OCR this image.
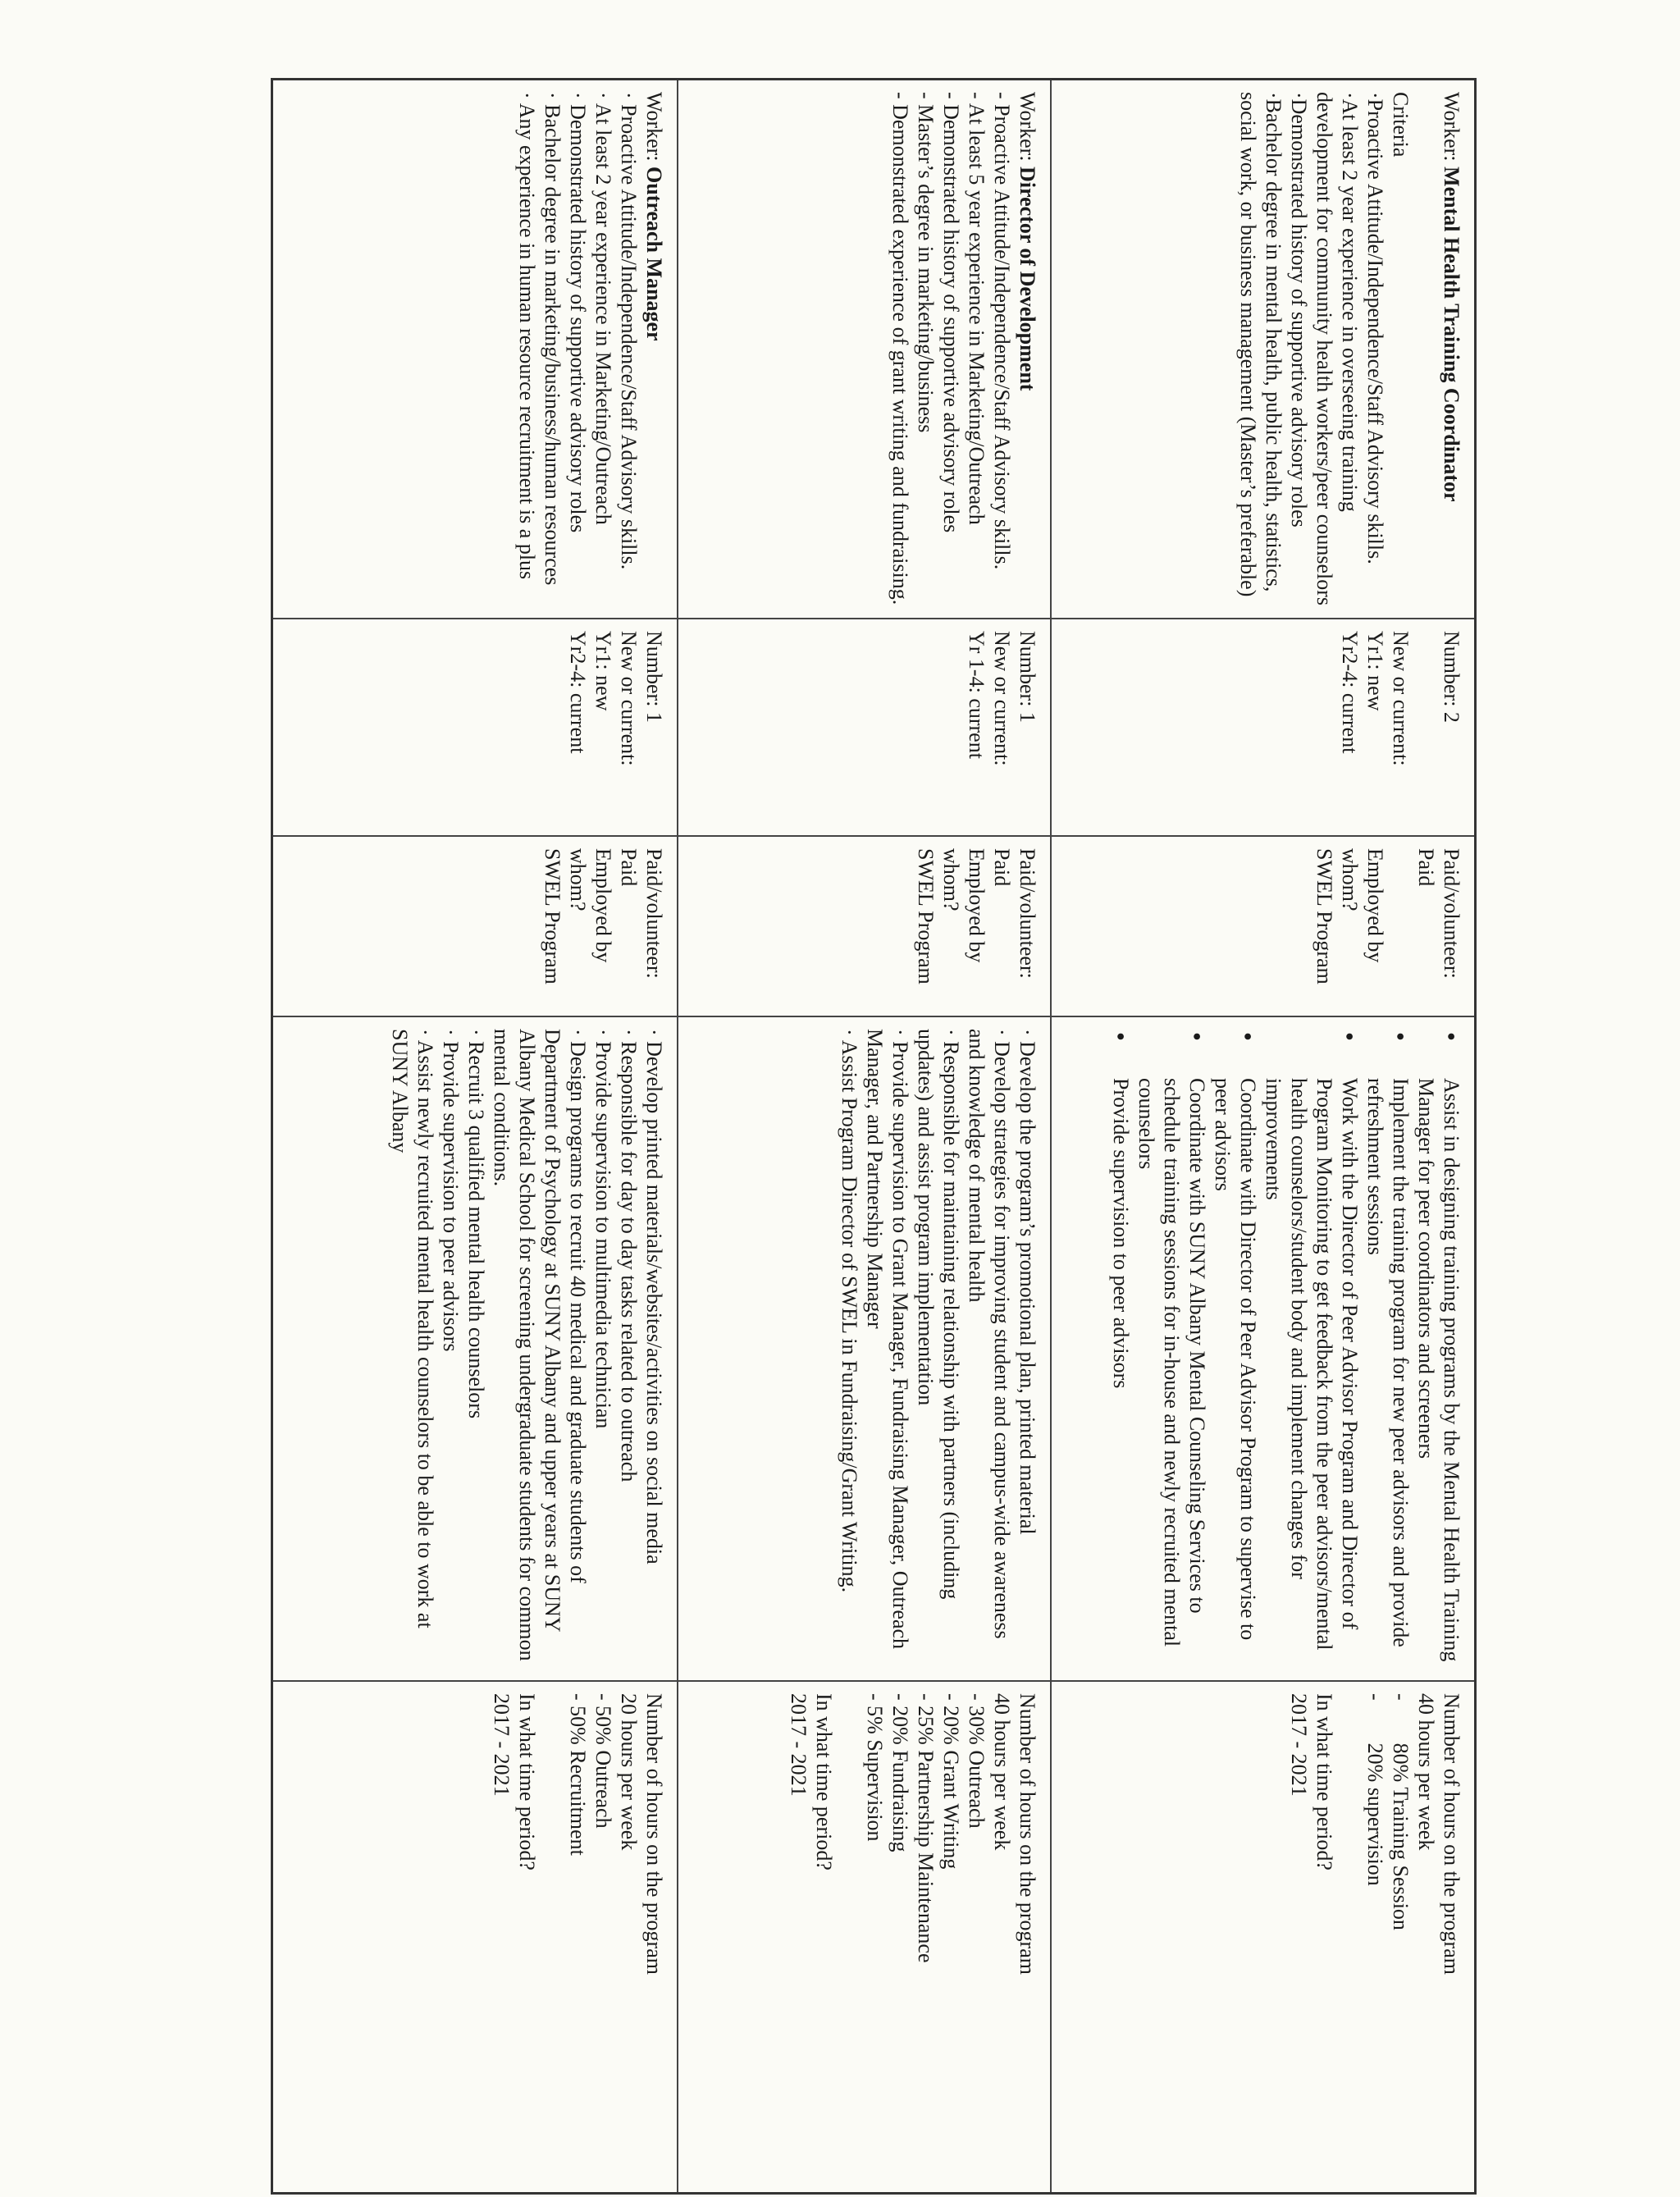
Worker: Mental Health Training Coordinator
Criteria
·Proactive Attitude/Independence/Staff Advisory skills.
·At least 2 year experience in overseeing training
development for community health workers/peer counselors
·Demonstrated history of supportive advisory roles
·Bachelor degree in mental health, public health, statistics,
social work, or business management (Master’s preferable)
Number: 2
New or current:
Yr1: new
Yr2-4: current
Paid/volunteer:
Paid
Employed by
whom?
SWEL Program
● Assist in designing training programs by the Mental Health Training Manager for peer coordinators and screeners
● Implement the training program for new peer advisors and provide refreshment sessions
● Work with the Director of Peer Advisor Program and Director of Program Monitoring to get feedback from the peer advisors/mental health counselors/student body and implement changes for improvements
● Coordinate with Director of Peer Advisor Program to supervise to peer advisors
● Coordinate with SUNY Albany Mental Counseling Services to schedule training sessions for in-house and newly recruited mental counselors
● Provide supervision to peer advisors
Number of hours on the program
40 hours per week
-        80% Training Session
-        20% supervision
In what time period?
2017 - 2021
Worker: Director of Development
- Proactive Attitude/Independence/Staff Advisory skills.
- At least 5 year experience in Marketing/Outreach
- Demonstrated history of supportive advisory roles
- Master’s degree in marketing/business
- Demonstrated experience of grant writing and fundraising.
Number: 1
New or current:
Yr 1-4: current
Paid/volunteer:
Paid
Employed by
whom?
SWEL Program
· Develop the program’s promotional plan, printed material
· Develop strategies for improving student and campus-wide awareness and knowledge of mental health
· Responsible for maintaining relationship with partners (including updates) and assist program implementation
· Provide supervision to Grant Manager, Fundraising Manager, Outreach Manager, and Partnership Manager
· Assist Program Director of SWEL in Fundraising/Grant Writing.
Number of hours on the program
40 hours per week
- 30% Outreach
- 20% Grant Writing
- 25% Partnership Maintenance
- 20% Fundraising
- 5% Supervision
In what time period?
2017 - 2021
Worker: Outreach Manager
· Proactive Attitude/Independence/Staff Advisory skills.
· At least 2 year experience in Marketing/Outreach
· Demonstrated history of supportive advisory roles
· Bachelor degree in marketing/business/human resources
· Any experience in human resource recruitment is a plus
Number: 1
New or current:
Yr1: new
Yr2-4: current
Paid/volunteer:
Paid
Employed by
whom?
SWEL Program
· Develop printed materials/websites/activities on social media
· Responsible for day to day tasks related to outreach
· Provide supervision to multimedia technician
· Design programs to recruit 40 medical and graduate students of Department of Psychology at SUNY Albany and upper years at SUNY Albany Medical School for screening undergraduate students for common mental conditions.
· Recruit 3 qualified mental health counselors
· Provide supervision to peer advisors
· Assist newly recruited mental health counselors to be able to work at SUNY Albany
Number of hours on the program
20 hours per week
- 50% Outreach
- 50% Recruitment
In what time period?
2017 - 2021
